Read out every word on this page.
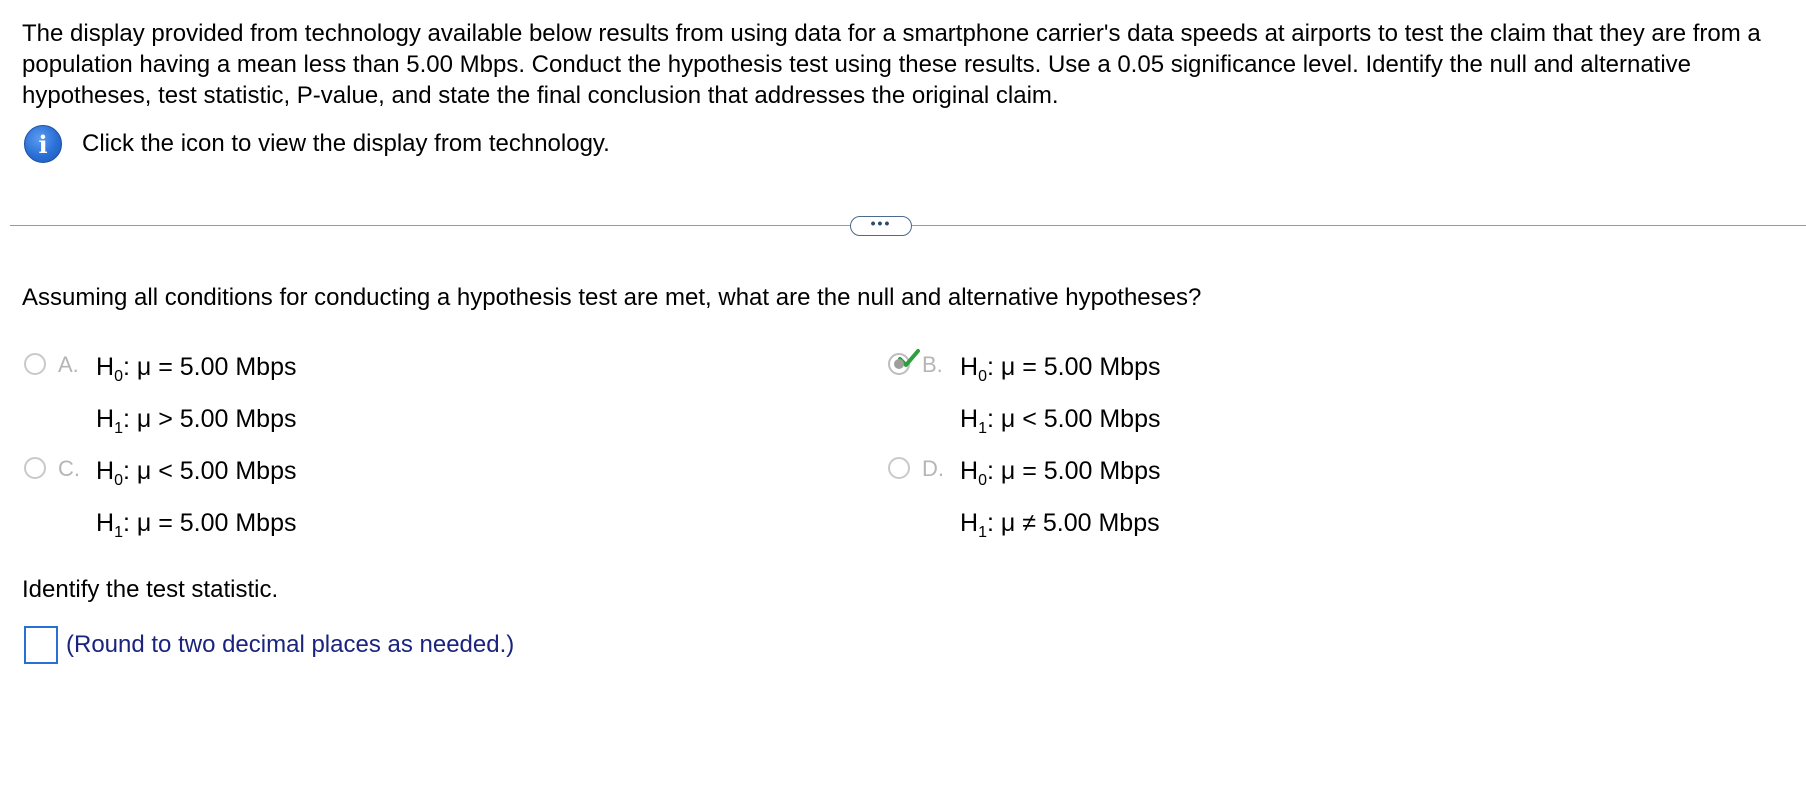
The display provided from technology available below results from using data for a smartphone carrier's data speeds at airports to test the claim that they are from a population having a mean less than 5.00 Mbps. Conduct the hypothesis test using these results. Use a 0.05 significance level. Identify the null and alternative hypotheses, test statistic, P-value, and state the final conclusion that addresses the original claim.
i	Click the icon to view the display from technology.
•••
Assuming all conditions for conducting a hypothesis test are met, what are the null and alternative hypotheses?
A. $H_0$: μ = 5.00 Mbps
$H_1$: μ > 5.00 Mbps
B. $H_0$: μ = 5.00 Mbps
$H_1$: μ < 5.00 Mbps
C. $H_0$: μ < 5.00 Mbps
$H_1$: μ = 5.00 Mbps
D. $H_0$: μ = 5.00 Mbps
$H_1$: μ ≠ 5.00 Mbps
Identify the test statistic.
(Round to two decimal places as needed.)
